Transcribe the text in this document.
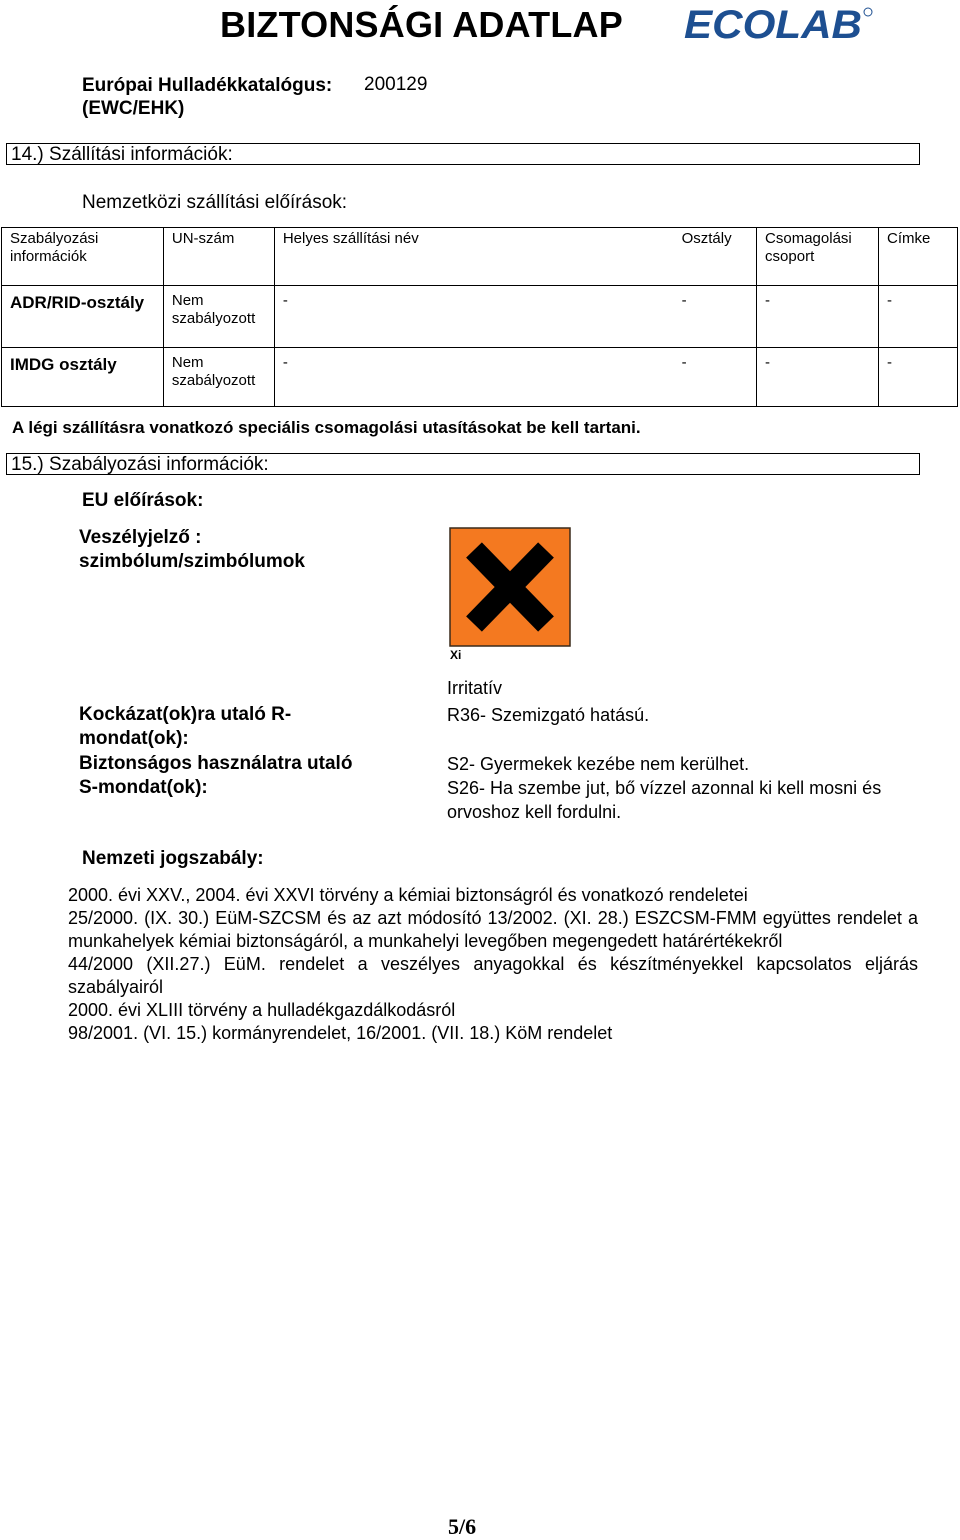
BIZTONSÁGI ADATLAP ECOLAB
Európai Hulladékkatalógus:
(EWC/EHK)
200129
14.) Szállítási információk:
Nemzetközi szállítási előírások:
Szabályozási információk	UN-szám	Helyes szállítási név	Osztály	Csomagolási csoport	Címke
ADR/RID-osztály	Nem szabályozott	-	-	-	-
IMDG osztály	Nem szabályozott	-	-	-	-
A légi szállításra vonatkozó speciális csomagolási utasításokat be kell tartani.
15.) Szabályozási információk:
EU előírások:
Veszélyjelző :
szimbólum/szimbólumok
Xi
Irritatív
Kockázat(ok)ra utaló R-
mondat(ok):
R36- Szemizgató hatású.
Biztonságos használatra utaló
S-mondat(ok):
S2- Gyermekek kezébe nem kerülhet.
S26- Ha szembe jut, bő vízzel azonnal ki kell mosni és orvoshoz kell fordulni.
Nemzeti jogszabály:
2000. évi XXV., 2004. évi XXVI törvény a kémiai biztonságról és vonatkozó rendeletei
25/2000. (IX. 30.) EüM-SZCSM és az azt módosító 13/2002. (XI. 28.) ESZCSM-FMM együttes rendelet a munkahelyek kémiai biztonságáról, a munkahelyi levegőben megengedett határértékekről
44/2000 (XII.27.) EüM. rendelet a veszélyes anyagokkal és készítményekkel kapcsolatos eljárás szabályairól
2000. évi XLIII törvény a hulladékgazdálkodásról
98/2001. (VI. 15.) kormányrendelet, 16/2001. (VII. 18.) KöM rendelet
5/6
